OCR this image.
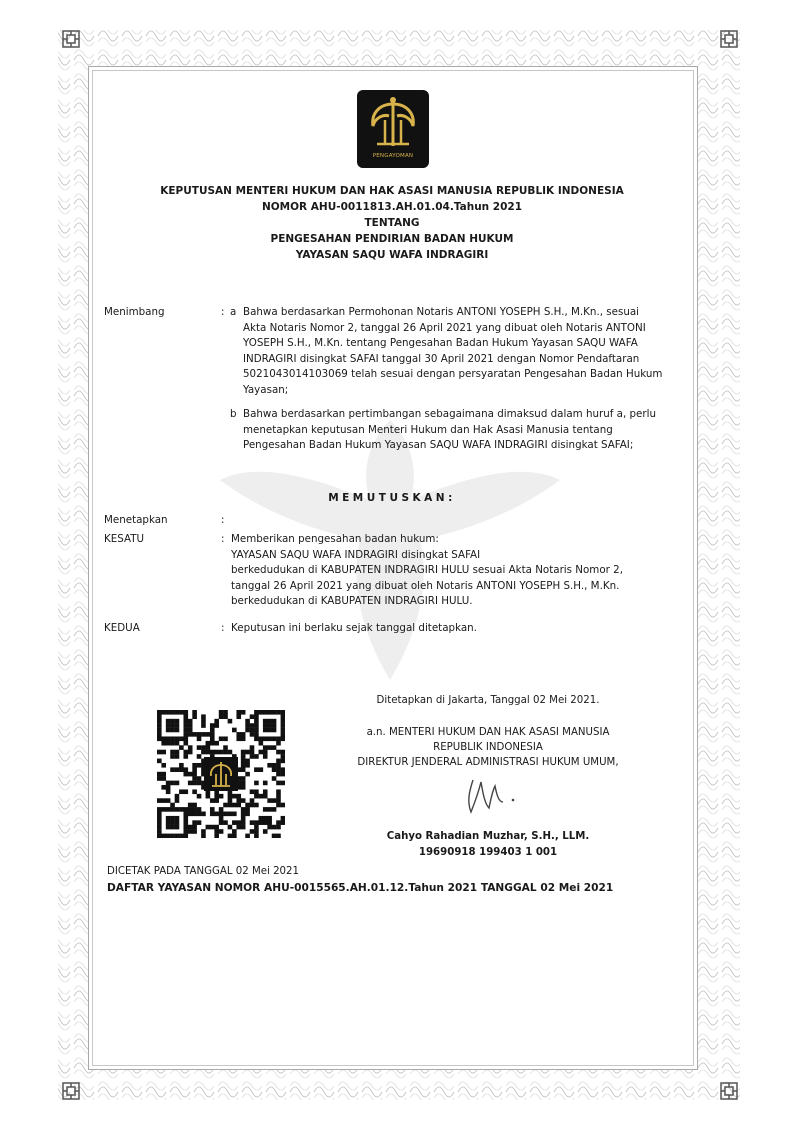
PENGAYOMAN
KEPUTUSAN MENTERI HUKUM DAN HAK ASASI MANUSIA REPUBLIK INDONESIA
NOMOR AHU-0011813.AH.01.04.Tahun 2021
TENTANG
PENGESAHAN PENDIRIAN BADAN HUKUM
YAYASAN SAQU WAFA INDRAGIRI
Menimbang	: a Bahwa berdasarkan Permohonan Notaris ANTONI YOSEPH S.H., M.Kn., sesuai
Akta Notaris Nomor 2, tanggal 26 April 2021 yang dibuat oleh Notaris ANTONI
YOSEPH S.H., M.Kn. tentang Pengesahan Badan Hukum Yayasan SAQU WAFA
INDRAGIRI disingkat SAFAI tanggal 30 April 2021 dengan Nomor Pendaftaran
5021043014103069 telah sesuai dengan persyaratan Pengesahan Badan Hukum
Yayasan;
b Bahwa berdasarkan pertimbangan sebagaimana dimaksud dalam huruf a, perlu
menetapkan keputusan Menteri Hukum dan Hak Asasi Manusia tentang
Pengesahan Badan Hukum Yayasan SAQU WAFA INDRAGIRI disingkat SAFAI;
MEMUTUSKAN:
Menetapkan	:
KESATU	: Memberikan pengesahan badan hukum:
YAYASAN SAQU WAFA INDRAGIRI disingkat SAFAI
berkedudukan di KABUPATEN INDRAGIRI HULU sesuai Akta Notaris Nomor 2,
tanggal 26 April 2021 yang dibuat oleh Notaris ANTONI YOSEPH S.H., M.Kn.
berkedudukan di KABUPATEN INDRAGIRI HULU.
KEDUA	: Keputusan ini berlaku sejak tanggal ditetapkan.
Ditetapkan di Jakarta, Tanggal 02 Mei 2021.
a.n. MENTERI HUKUM DAN HAK ASASI MANUSIA
REPUBLIK INDONESIA
DIREKTUR JENDERAL ADMINISTRASI HUKUM UMUM,
Cahyo Rahadian Muzhar, S.H., LLM.
19690918 199403 1 001
DICETAK PADA TANGGAL 02 Mei 2021
DAFTAR YAYASAN NOMOR AHU-0015565.AH.01.12.Tahun 2021 TANGGAL 02 Mei 2021
